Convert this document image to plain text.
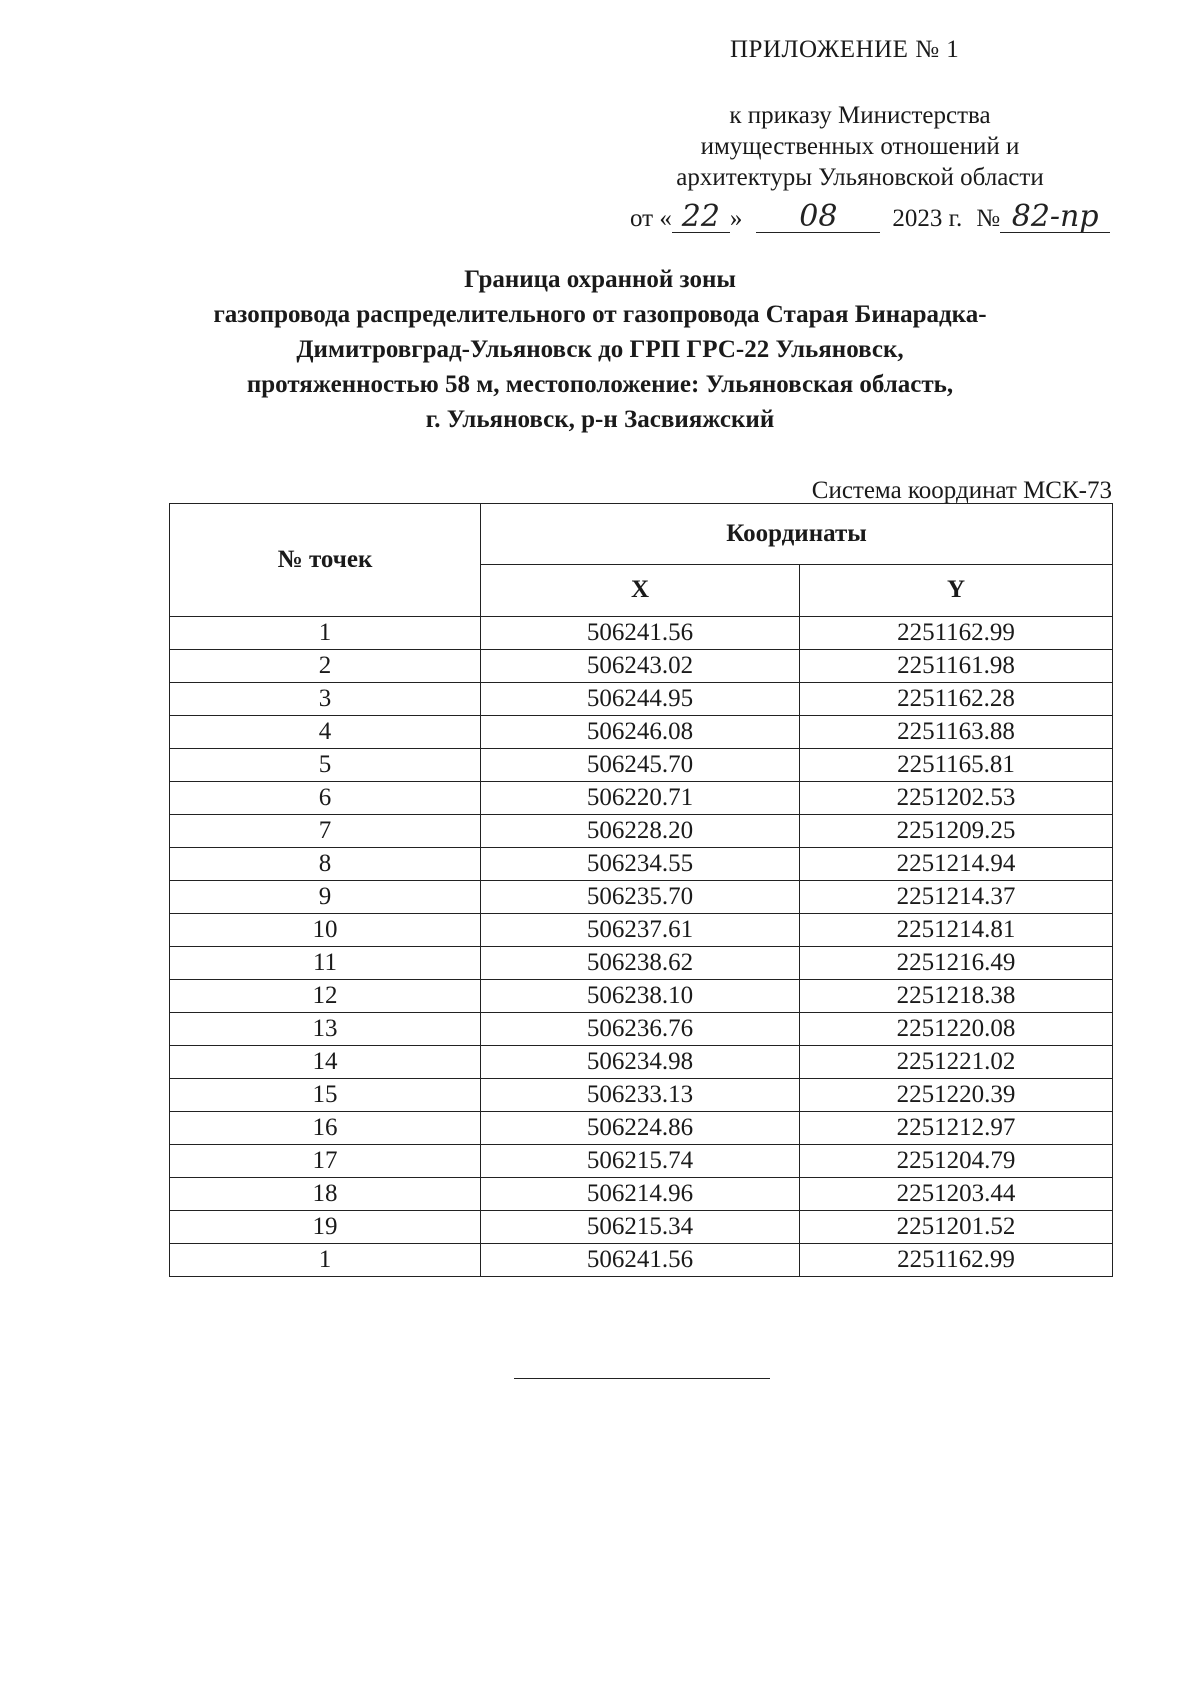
ПРИЛОЖЕНИЕ № 1
к приказу Министерства
имущественных отношений и
архитектуры Ульяновской области
от « 22 »	08	2023 г. № 82-пр
Граница охранной зоны
газопровода распределительного от газопровода Старая Бинарадка-
Димитровград-Ульяновск до ГРП ГРС-22 Ульяновск,
протяженностью 58 м, местоположение: Ульяновская область,
г. Ульяновск, р-н Засвияжский
Система координат МСК-73
№ точек	Координаты	
	X	Y
1	506241.56	2251162.99
2	506243.02	2251161.98
3	506244.95	2251162.28
4	506246.08	2251163.88
5	506245.70	2251165.81
6	506220.71	2251202.53
7	506228.20	2251209.25
8	506234.55	2251214.94
9	506235.70	2251214.37
10	506237.61	2251214.81
11	506238.62	2251216.49
12	506238.10	2251218.38
13	506236.76	2251220.08
14	506234.98	2251221.02
15	506233.13	2251220.39
16	506224.86	2251212.97
17	506215.74	2251204.79
18	506214.96	2251203.44
19	506215.34	2251201.52
1	506241.56	2251162.99
